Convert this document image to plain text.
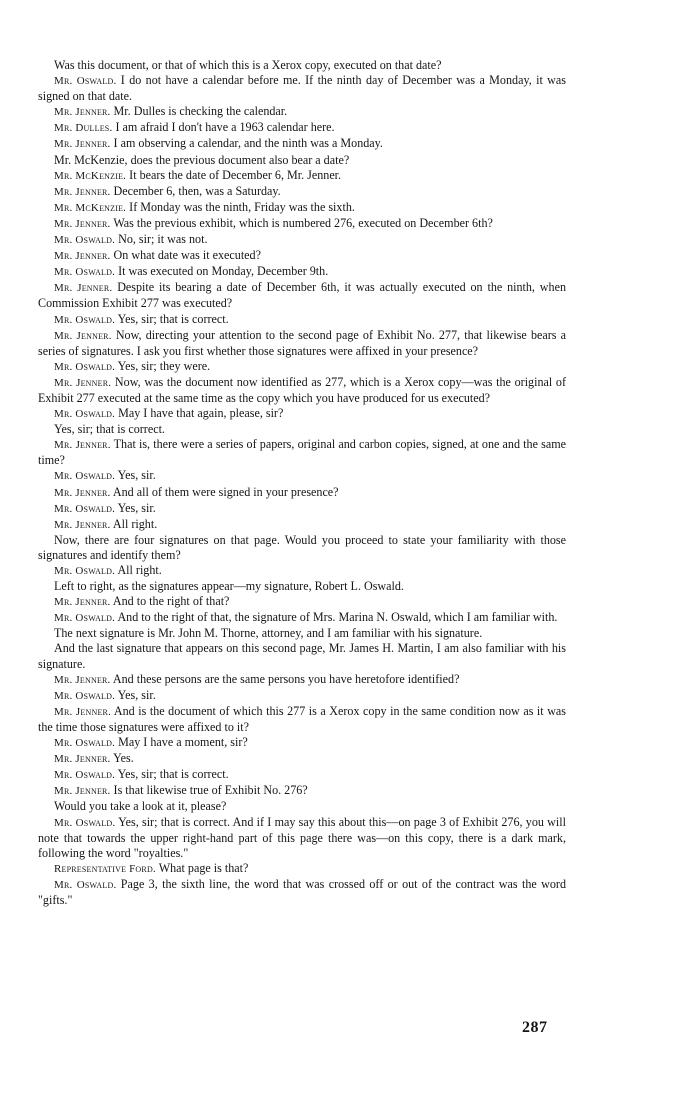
Was this document, or that of which this is a Xerox copy, executed on that date?

Mr. Oswald. I do not have a calendar before me. If the ninth day of December was a Monday, it was signed on that date.

Mr. Jenner. Mr. Dulles is checking the calendar.

Mr. Dulles. I am afraid I don't have a 1963 calendar here.

Mr. Jenner. I am observing a calendar, and the ninth was a Monday.

Mr. McKenzie, does the previous document also bear a date?

Mr. McKenzie. It bears the date of December 6, Mr. Jenner.

Mr. Jenner. December 6, then, was a Saturday.

Mr. McKenzie. If Monday was the ninth, Friday was the sixth.

Mr. Jenner. Was the previous exhibit, which is numbered 276, executed on December 6th?

Mr. Oswald. No, sir; it was not.

Mr. Jenner. On what date was it executed?

Mr. Oswald. It was executed on Monday, December 9th.

Mr. Jenner. Despite its bearing a date of December 6th, it was actually executed on the ninth, when Commission Exhibit 277 was executed?

Mr. Oswald. Yes, sir; that is correct.

Mr. Jenner. Now, directing your attention to the second page of Exhibit No. 277, that likewise bears a series of signatures. I ask you first whether those signatures were affixed in your presence?

Mr. Oswald. Yes, sir; they were.

Mr. Jenner. Now, was the document now identified as 277, which is a Xerox copy—was the original of Exhibit 277 executed at the same time as the copy which you have produced for us executed?

Mr. Oswald. May I have that again, please, sir?

Yes, sir; that is correct.

Mr. Jenner. That is, there were a series of papers, original and carbon copies, signed, at one and the same time?

Mr. Oswald. Yes, sir.

Mr. Jenner. And all of them were signed in your presence?

Mr. Oswald. Yes, sir.

Mr. Jenner. All right.

Now, there are four signatures on that page. Would you proceed to state your familiarity with those signatures and identify them?

Mr. Oswald. All right.

Left to right, as the signatures appear—my signature, Robert L. Oswald.

Mr. Jenner. And to the right of that?

Mr. Oswald. And to the right of that, the signature of Mrs. Marina N. Oswald, which I am familiar with.

The next signature is Mr. John M. Thorne, attorney, and I am familiar with his signature.

And the last signature that appears on this second page, Mr. James H. Martin, I am also familiar with his signature.

Mr. Jenner. And these persons are the same persons you have heretofore identified?

Mr. Oswald. Yes, sir.

Mr. Jenner. And is the document of which this 277 is a Xerox copy in the same condition now as it was the time those signatures were affixed to it?

Mr. Oswald. May I have a moment, sir?

Mr. Jenner. Yes.

Mr. Oswald. Yes, sir; that is correct.

Mr. Jenner. Is that likewise true of Exhibit No. 276?

Would you take a look at it, please?

Mr. Oswald. Yes, sir; that is correct. And if I may say this about this—on page 3 of Exhibit 276, you will note that towards the upper right-hand part of this page there was—on this copy, there is a dark mark, following the word "royalties."

Representative Ford. What page is that?

Mr. Oswald. Page 3, the sixth line, the word that was crossed off or out of the contract was the word "gifts."

287
